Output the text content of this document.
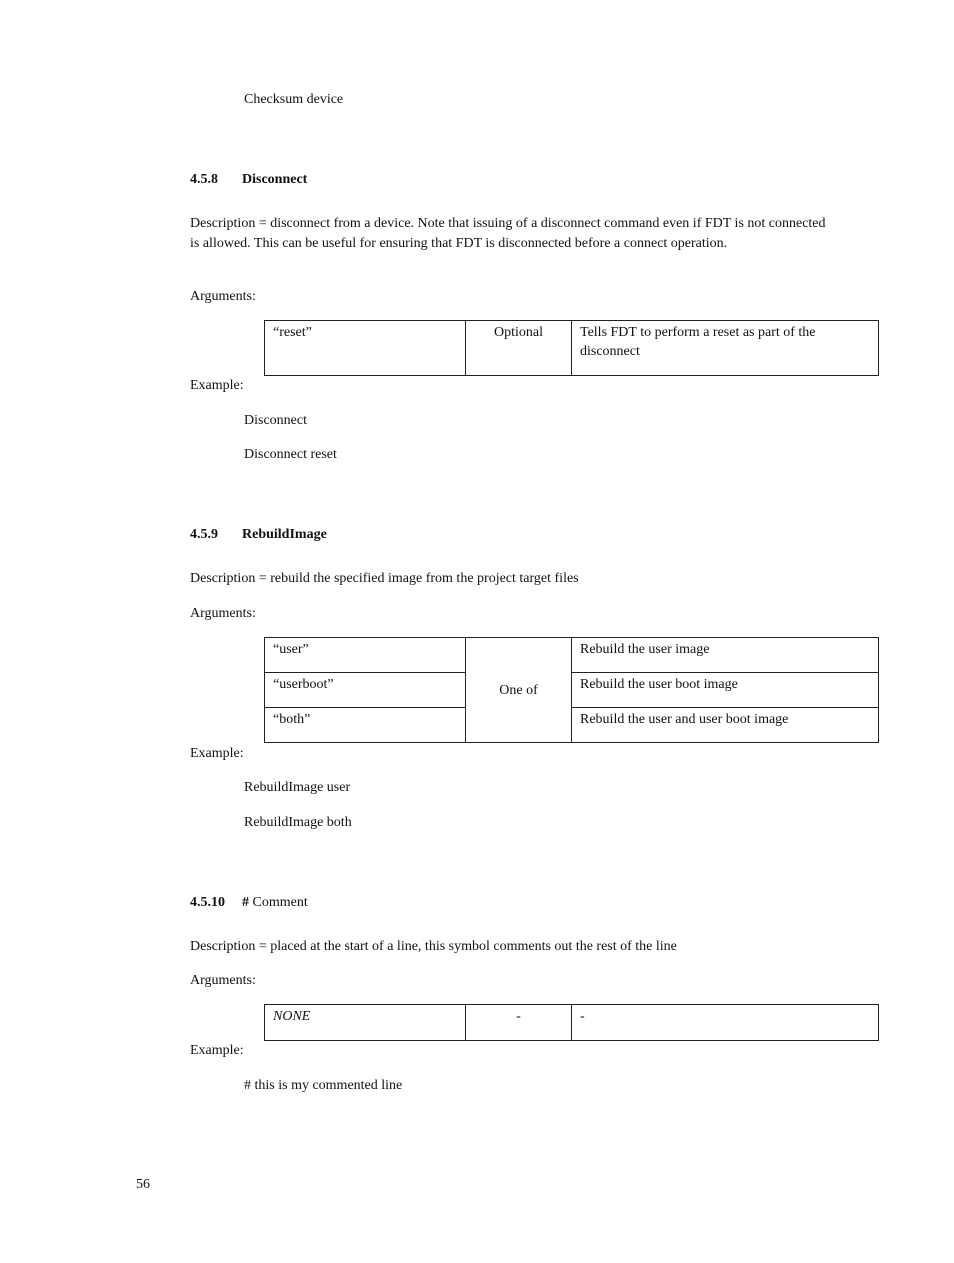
Checksum device
4.5.8 Disconnect
Description = disconnect from a device. Note that issuing of a disconnect command even if FDT is not connected is allowed. This can be useful for ensuring that FDT is disconnected before a connect operation.
Arguments:
“reset”	Optional	Tells FDT to perform a reset as part of the disconnect
Example:
Disconnect
Disconnect reset
4.5.9 RebuildImage
Description = rebuild the specified image from the project target files
Arguments:
“user”	One of	Rebuild the user image
“userboot”		Rebuild the user boot image
“both”		Rebuild the user and user boot image
Example:
RebuildImage user
RebuildImage both
4.5.10 # Comment
Description = placed at the start of a line, this symbol comments out the rest of the line
Arguments:
NONE	-	-
Example:
# this is my commented line
56
